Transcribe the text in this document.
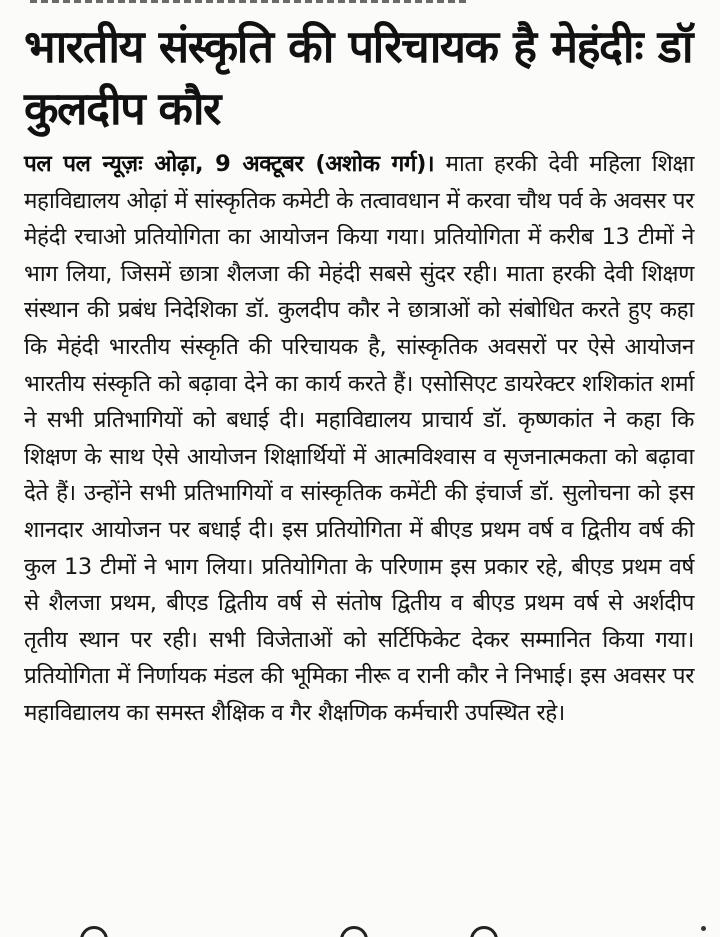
भारतीय संस्कृति की परिचायक है मेहंदीः डॉ कुलदीप कौर

पल पल न्यूज़ः ओढ़ा, 9 अक्टूबर (अशोक गर्ग)। माता हरकी देवी महिला शिक्षा महाविद्यालय ओढ़ां में सांस्कृतिक कमेटी के तत्वावधान में करवा चौथ पर्व के अवसर पर मेहंदी रचाओ प्रतियोगिता का आयोजन किया गया। प्रतियोगिता में करीब 13 टीमों ने भाग लिया, जिसमें छात्रा शैलजा की मेहंदी सबसे सुंदर रही। माता हरकी देवी शिक्षण संस्थान की प्रबंध निदेशिका डॉ. कुलदीप कौर ने छात्राओं को संबोधित करते हुए कहा कि मेहंदी भारतीय संस्कृति की परिचायक है, सांस्कृतिक अवसरों पर ऐसे आयोजन भारतीय संस्कृति को बढ़ावा देने का कार्य करते हैं। एसोसिएट डायरेक्टर शशिकांत शर्मा ने सभी प्रतिभागियों को बधाई दी। महाविद्यालय प्राचार्य डॉ. कृष्णकांत ने कहा कि शिक्षण के साथ ऐसे आयोजन शिक्षार्थियों में आत्मविश्वास व सृजनात्मकता को बढ़ावा देते हैं। उन्होंने सभी प्रतिभागियों व सांस्कृतिक कमेंटी की इंचार्ज डॉ. सुलोचना को इस शानदार आयोजन पर बधाई दी। इस प्रतियोगिता में बीएड प्रथम वर्ष व द्वितीय वर्ष की कुल 13 टीमों ने भाग लिया। प्रतियोगिता के परिणाम इस प्रकार रहे, बीएड प्रथम वर्ष से शैलजा प्रथम, बीएड द्वितीय वर्ष से संतोष द्वितीय व बीएड प्रथम वर्ष से अर्शदीप तृतीय स्थान पर रही। सभी विजेताओं को सर्टिफिकेट देकर सम्मानित किया गया। प्रतियोगिता में निर्णायक मंडल की भूमिका नीरू व रानी कौर ने निभाई। इस अवसर पर महाविद्यालय का समस्त शैक्षिक व गैर शैक्षणिक कर्मचारी उपस्थित रहे।
